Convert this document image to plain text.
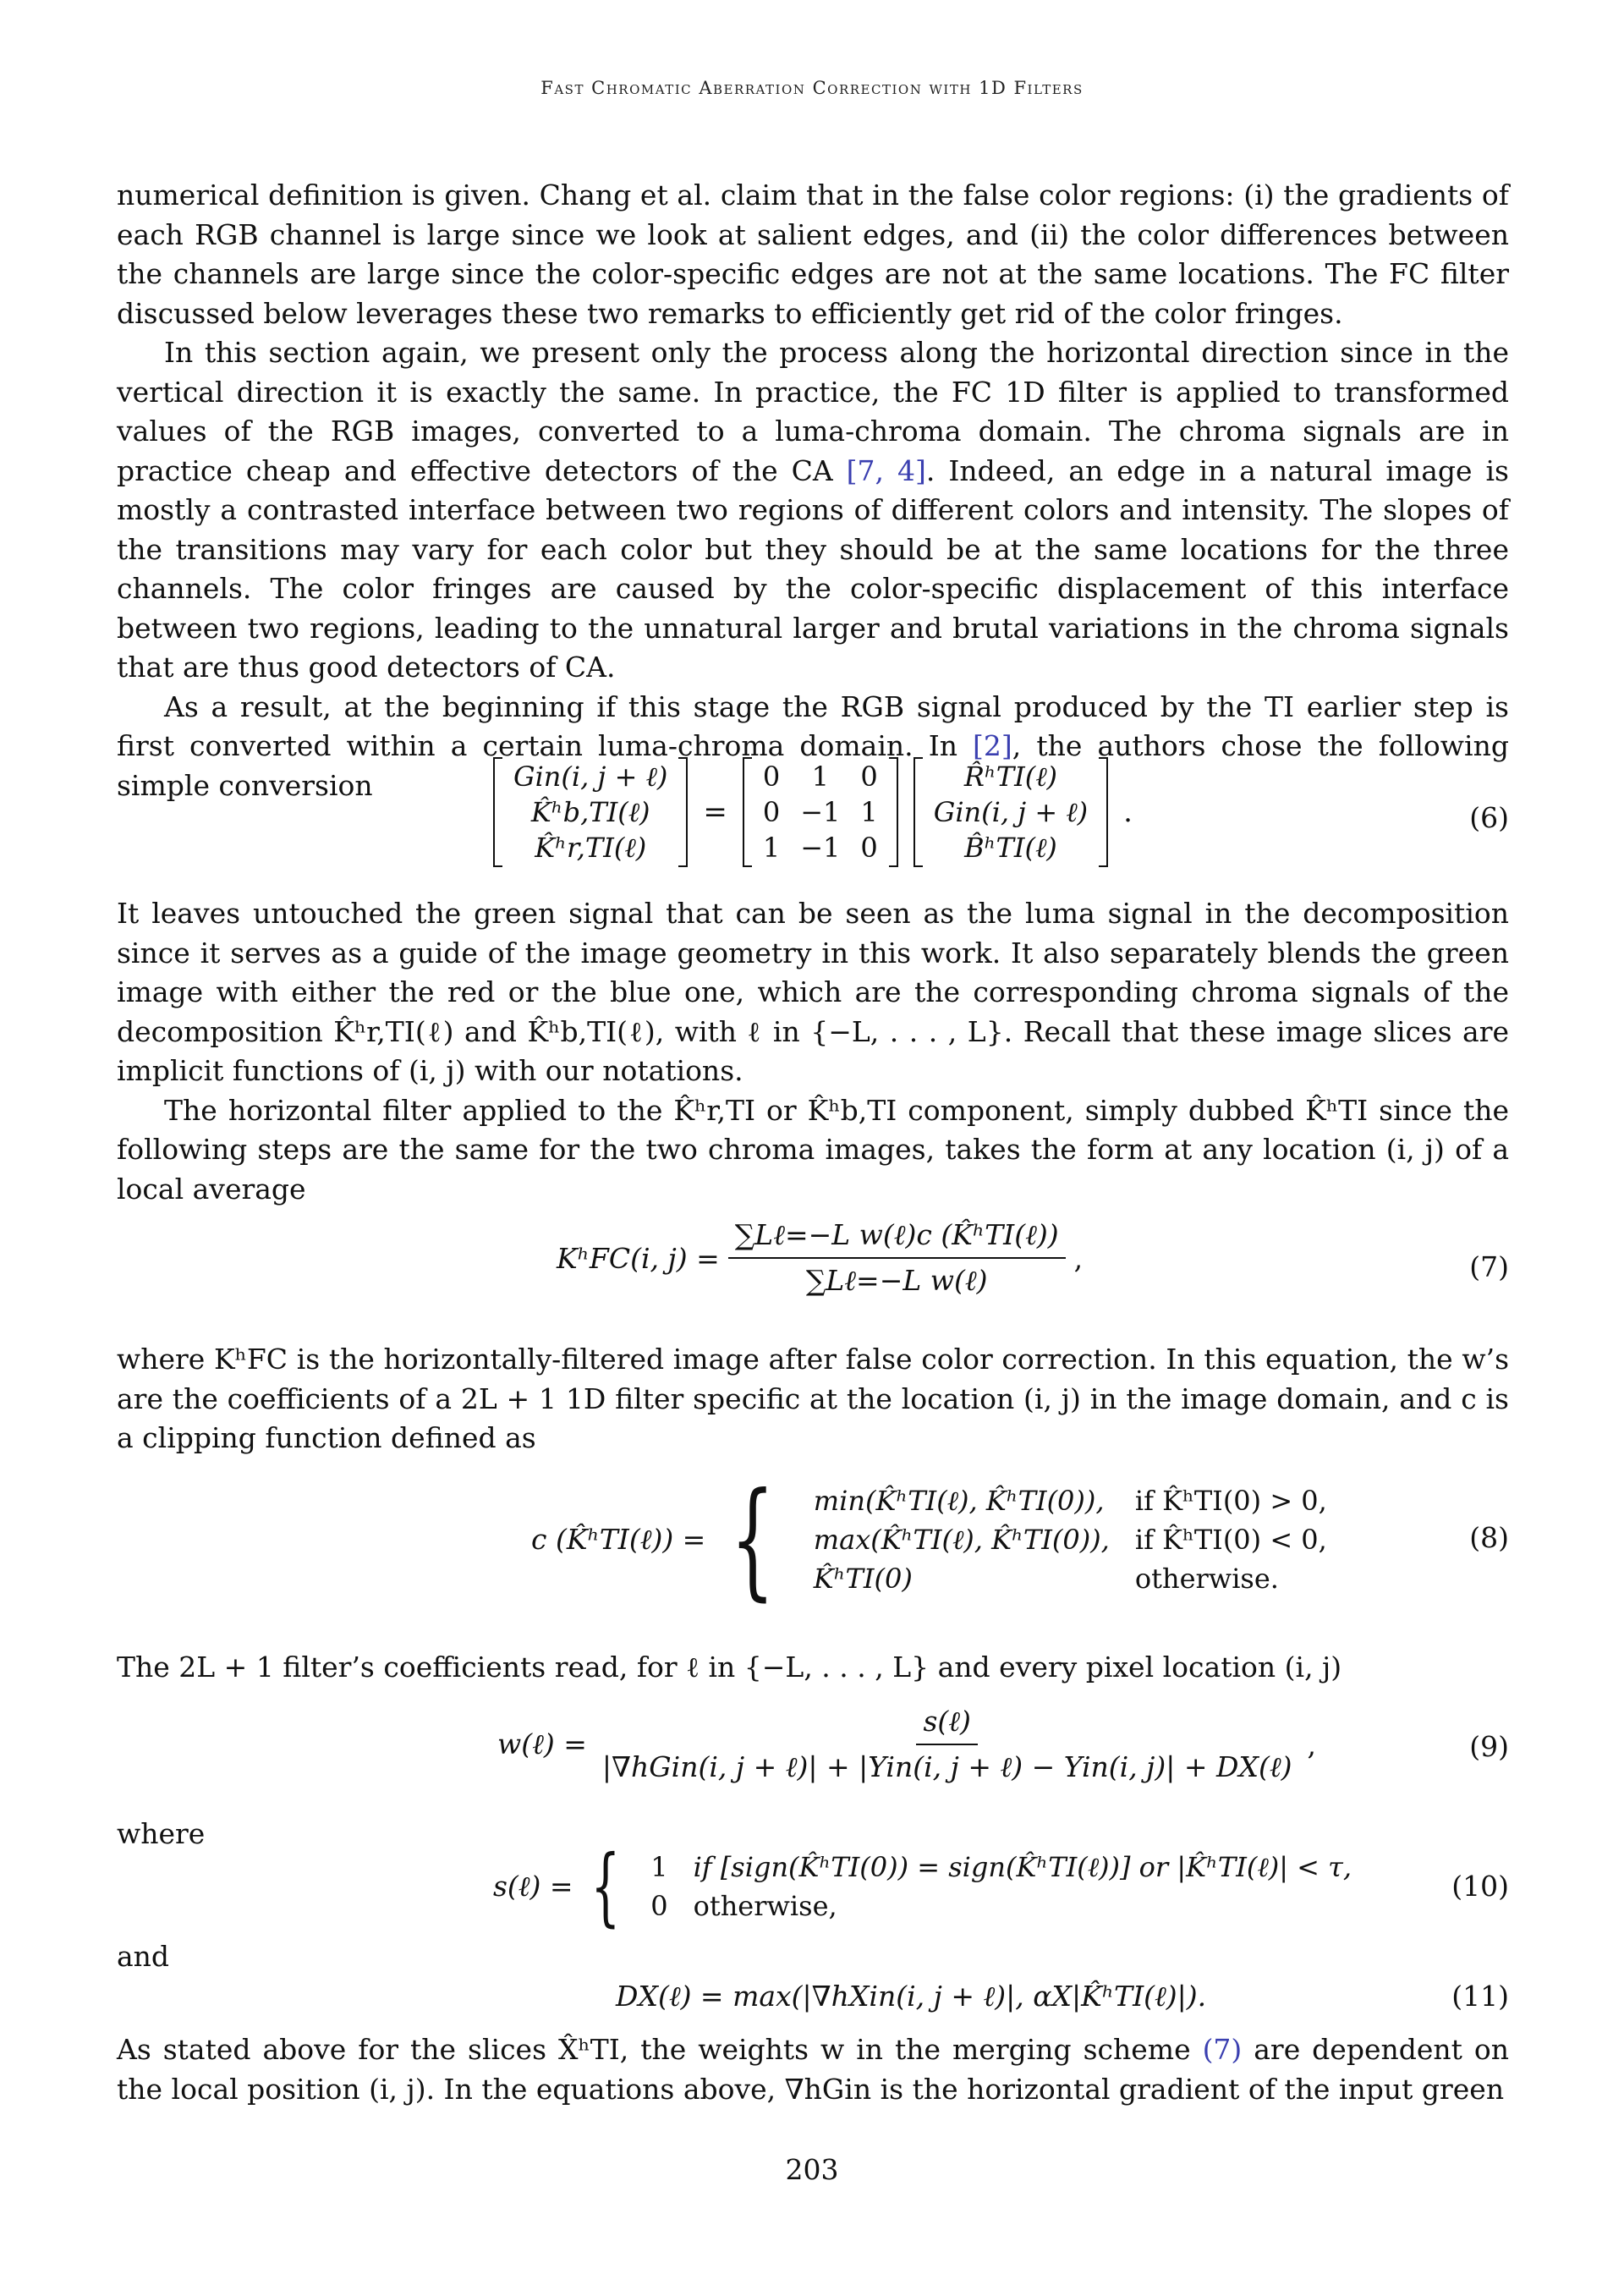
Fast Chromatic Aberration Correction with 1D Filters

numerical definition is given. Chang et al. claim that in the false color regions: (i) the gradients of each RGB channel is large since we look at salient edges, and (ii) the color differences between the channels are large since the color-specific edges are not at the same locations. The FC filter discussed below leverages these two remarks to efficiently get rid of the color fringes.

In this section again, we present only the process along the horizontal direction since in the vertical direction it is exactly the same. In practice, the FC 1D filter is applied to transformed values of the RGB images, converted to a luma-chroma domain. The chroma signals are in practice cheap and effective detectors of the CA [7, 4]. Indeed, an edge in a natural image is mostly a contrasted interface between two regions of different colors and intensity. The slopes of the transitions may vary for each color but they should be at the same locations for the three channels. The color fringes are caused by the color-specific displacement of this interface between two regions, leading to the unnatural larger and brutal variations in the chroma signals that are thus good detectors of CA.

As a result, at the beginning if this stage the RGB signal produced by the TI earlier step is first converted within a certain luma-chroma domain. In [2], the authors chose the following simple conversion	Gin(i, j + ℓ)
K̂ʰb,TI(ℓ)
K̂ʰr,TI(ℓ)
=
0	1	0
0	−1	1
1	−1	0
R̂ʰTI(ℓ)
Gin(i, j + ℓ)
B̂ʰTI(ℓ)
.	(6)

It leaves untouched the green signal that can be seen as the luma signal in the decomposition since it serves as a guide of the image geometry in this work. It also separately blends the green image with either the red or the blue one, which are the corresponding chroma signals of the decomposition K̂ʰr,TI(ℓ) and K̂ʰb,TI(ℓ), with ℓ in {−L, . . . , L}. Recall that these image slices are implicit functions of (i, j) with our notations.

The horizontal filter applied to the K̂ʰr,TI or K̂ʰb,TI component, simply dubbed K̂ʰTI since the following steps are the same for the two chroma images, takes the form at any location (i, j) of a local average

KʰFC(i, $j) = \frac{\text{∑Lℓ=−L w(ℓ)c (K̂ʰTI(ℓ))}}{\text{∑Lℓ=−L w(ℓ)}}$ ,	(7)

where KʰFC is the horizontally-filtered image after false color correction. In this equation, the w’s are the coefficients of a 2L + 1 1D filter specific at the location (i, j) in the image domain, and c is a clipping function defined as

c (K̂ʰTI(ℓ)) = { min(K̂ʰTI(ℓ), K̂ʰTI(0)),	if K̂ʰTI(0) > 0,
max(K̂ʰTI(ℓ), K̂ʰTI(0)),	if K̂ʰTI(0) < 0,
K̂ʰTI(0)	otherwise.
(8)

The 2L + 1 filter’s coefficients read, for ℓ in {−L, . . . , L} and every pixel location (i, j)

w(ℓ) = $\frac{\text{s(ℓ)}}{\text{|∇hGin(i, j + ℓ)| + |Yin(i, j + ℓ) − Yin(i, j)| + DX(ℓ)}}$ ,	(9)
where
s(ℓ) = { 1	if [sign(K̂ʰTI(0)) = sign(K̂ʰTI(ℓ))] or |K̂ʰTI(ℓ)| < τ,
0	otherwise,
(10)
and
DX(ℓ) = max(|∇hXin(i, j + ℓ)|, αX|K̂ʰTI(ℓ)|).	(11)

As stated above for the slices X̂ʰTI, the weights w in the merging scheme (7) are dependent on the local position (i, j). In the equations above, ∇hGin is the horizontal gradient of the input green

203
